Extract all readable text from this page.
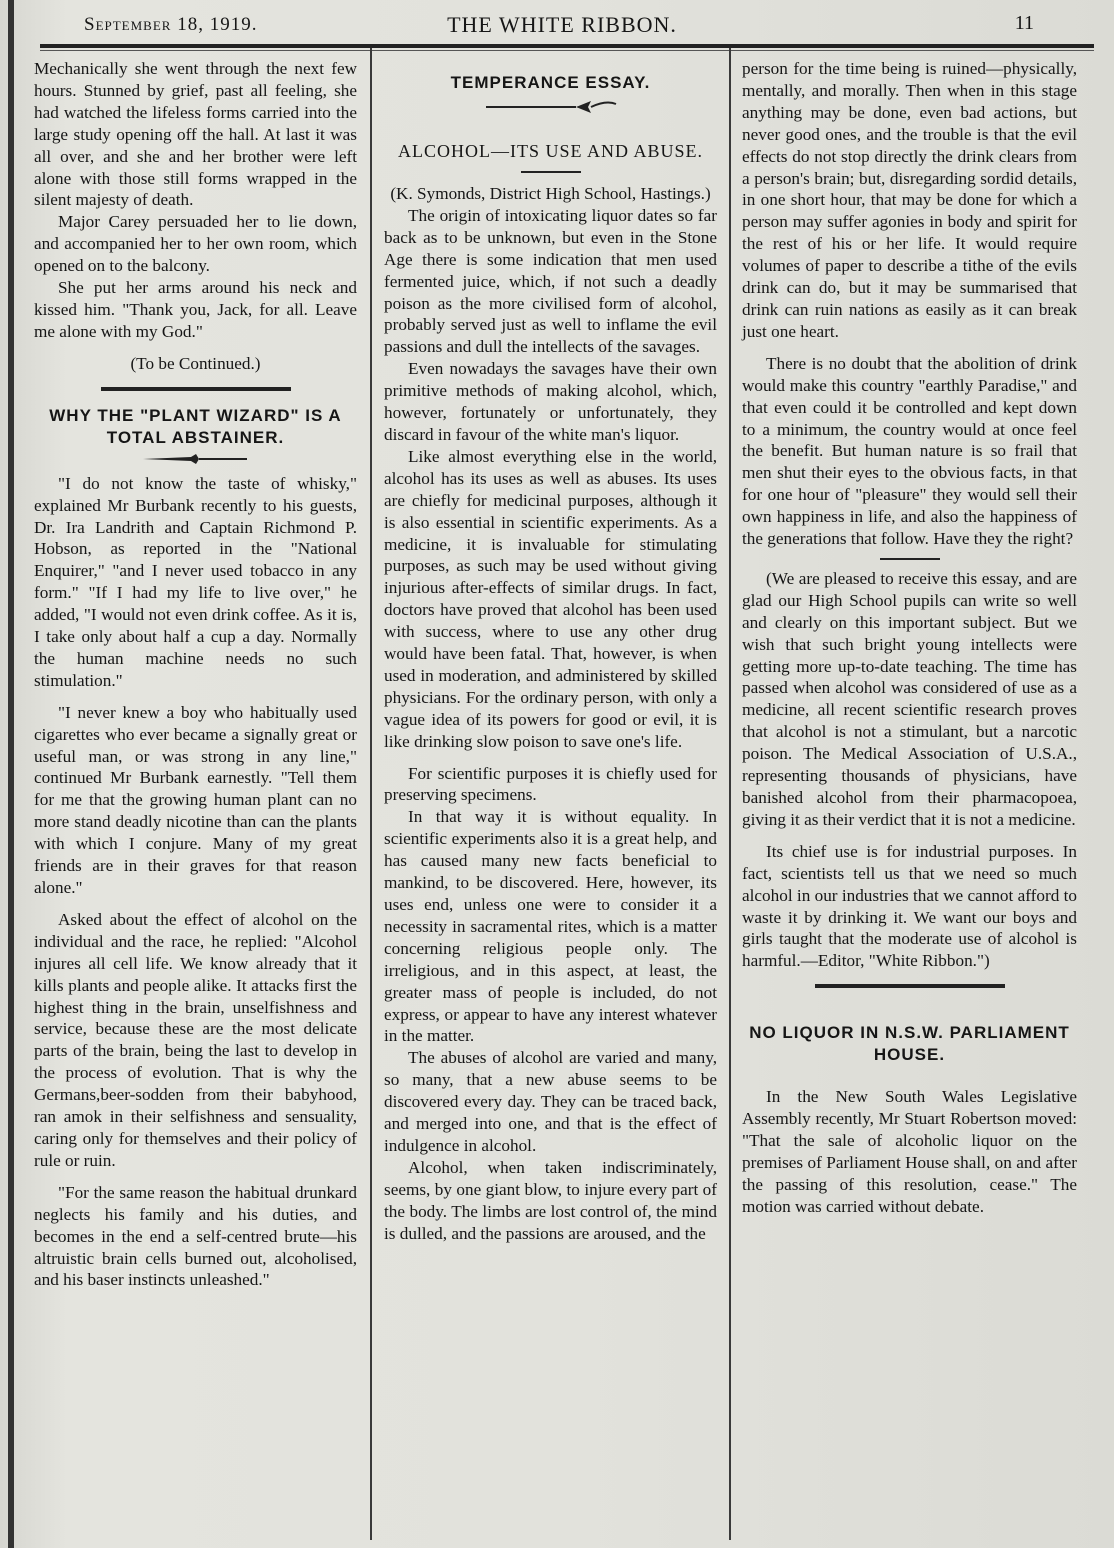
September 18, 1919.	THE WHITE RIBBON.	11

Mechanically she went through the next few hours. Stunned by grief, past all feeling, she had watched the lifeless forms carried into the large study opening off the hall. At last it was all over, and she and her brother were left alone with those still forms wrapped in the silent majesty of death.

Major Carey persuaded her to lie down, and accompanied her to her own room, which opened on to the balcony.

She put her arms around his neck and kissed him. "Thank you, Jack, for all. Leave me alone with my God."

(To be Continued.)

WHY THE "PLANT WIZARD" IS A TOTAL ABSTAINER.

"I do not know the taste of whisky," explained Mr Burbank recently to his guests, Dr. Ira Landrith and Captain Richmond P. Hobson, as reported in the "National Enquirer," "and I never used tobacco in any form." "If I had my life to live over," he added, "I would not even drink coffee. As it is, I take only about half a cup a day. Normally the human machine needs no such stimulation."

"I never knew a boy who habitually used cigarettes who ever became a signally great or useful man, or was strong in any line," continued Mr Burbank earnestly. "Tell them for me that the growing human plant can no more stand deadly nicotine than can the plants with which I conjure. Many of my great friends are in their graves for that reason alone."

Asked about the effect of alcohol on the individual and the race, he replied: "Alcohol injures all cell life. We know already that it kills plants and people alike. It attacks first the highest thing in the brain, unselfishness and service, because these are the most delicate parts of the brain, being the last to develop in the process of evolution. That is why the Germans,beer-sodden from their babyhood, ran amok in their selfishness and sensuality, caring only for themselves and their policy of rule or ruin.

"For the same reason the habitual drunkard neglects his family and his duties, and becomes in the end a self-centred brute—his altruistic brain cells burned out, alcoholised, and his baser instincts unleashed."

TEMPERANCE ESSAY.
ALCOHOL—ITS USE AND ABUSE.

(K. Symonds, District High School, Hastings.)

The origin of intoxicating liquor dates so far back as to be unknown, but even in the Stone Age there is some indication that men used fermented juice, which, if not such a deadly poison as the more civilised form of alcohol, probably served just as well to inflame the evil passions and dull the intellects of the savages.

Even nowadays the savages have their own primitive methods of making alcohol, which, however, fortunately or unfortunately, they discard in favour of the white man's liquor.

Like almost everything else in the world, alcohol has its uses as well as abuses. Its uses are chiefly for medicinal purposes, although it is also essential in scientific experiments. As a medicine, it is invaluable for stimulating purposes, as such may be used without giving injurious after-effects of similar drugs. In fact, doctors have proved that alcohol has been used with success, where to use any other drug would have been fatal. That, however, is when used in moderation, and administered by skilled physicians. For the ordinary person, with only a vague idea of its powers for good or evil, it is like drinking slow poison to save one's life.

For scientific purposes it is chiefly used for preserving specimens.

In that way it is without equality. In scientific experiments also it is a great help, and has caused many new facts beneficial to mankind, to be discovered. Here, however, its uses end, unless one were to consider it a necessity in sacramental rites, which is a matter concerning religious people only. The irreligious, and in this aspect, at least, the greater mass of people is included, do not express, or appear to have any interest whatever in the matter.

The abuses of alcohol are varied and many, so many, that a new abuse seems to be discovered every day. They can be traced back, and merged into one, and that is the effect of indulgence in alcohol.

Alcohol, when taken indiscriminately, seems, by one giant blow, to injure every part of the body. The limbs are lost control of, the mind is dulled, and the passions are aroused, and the

person for the time being is ruined—physically, mentally, and morally. Then when in this stage anything may be done, even bad actions, but never good ones, and the trouble is that the evil effects do not stop directly the drink clears from a person's brain; but, disregarding sordid details, in one short hour, that may be done for which a person may suffer agonies in body and spirit for the rest of his or her life. It would require volumes of paper to describe a tithe of the evils drink can do, but it may be summarised that drink can ruin nations as easily as it can break just one heart.

There is no doubt that the abolition of drink would make this country "earthly Paradise," and that even could it be controlled and kept down to a minimum, the country would at once feel the benefit. But human nature is so frail that men shut their eyes to the obvious facts, in that for one hour of "pleasure" they would sell their own happiness in life, and also the happiness of the generations that follow. Have they the right?

(We are pleased to receive this essay, and are glad our High School pupils can write so well and clearly on this important subject. But we wish that such bright young intellects were getting more up-to-date teaching. The time has passed when alcohol was considered of use as a medicine, all recent scientific research proves that alcohol is not a stimulant, but a narcotic poison. The Medical Association of U.S.A., representing thousands of physicians, have banished alcohol from their pharmacopoea, giving it as their verdict that it is not a medicine.

Its chief use is for industrial purposes. In fact, scientists tell us that we need so much alcohol in our industries that we cannot afford to waste it by drinking it. We want our boys and girls taught that the moderate use of alcohol is harmful.—Editor, "White Ribbon.")

NO LIQUOR IN N.S.W. PARLIAMENT HOUSE.

In the New South Wales Legislative Assembly recently, Mr Stuart Robertson moved: "That the sale of alcoholic liquor on the premises of Parliament House shall, on and after the passing of this resolution, cease." The motion was carried without debate.
